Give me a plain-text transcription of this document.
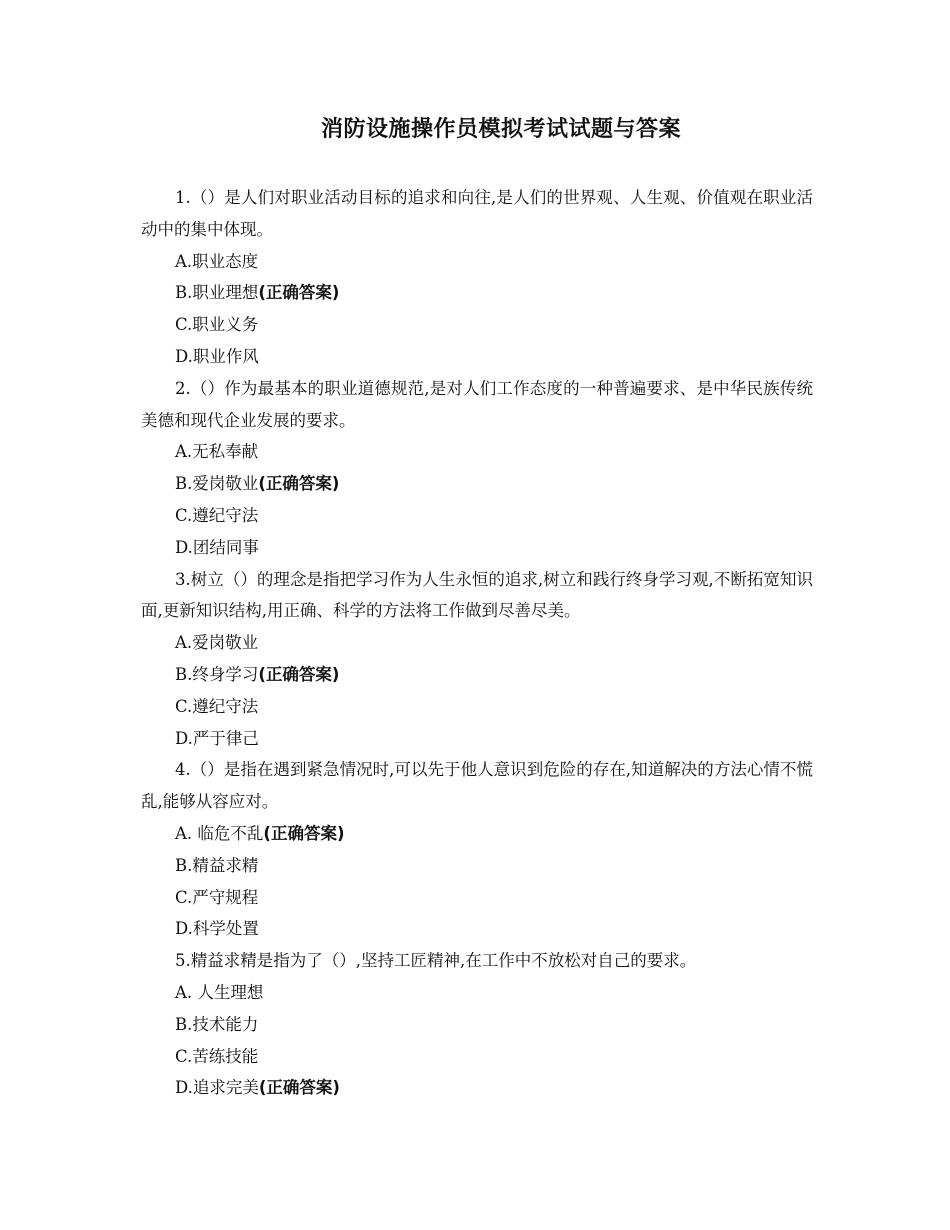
消防设施操作员模拟考试试题与答案

1.（）是人们对职业活动目标的追求和向往,是人们的世界观、人生观、价值观在职业活动中的集中体现。

A.职业态度
B.职业理想(正确答案)
C.职业义务
D.职业作风

2.（）作为最基本的职业道德规范,是对人们工作态度的一种普遍要求、是中华民族传统美德和现代企业发展的要求。

A.无私奉献
B.爱岗敬业(正确答案)
C.遵纪守法
D.团结同事

3.树立（）的理念是指把学习作为人生永恒的追求,树立和践行终身学习观,不断拓宽知识面,更新知识结构,用正确、科学的方法将工作做到尽善尽美。

A.爱岗敬业
B.终身学习(正确答案)
C.遵纪守法
D.严于律己

4.（）是指在遇到紧急情况时,可以先于他人意识到危险的存在,知道解决的方法心情不慌乱,能够从容应对。

A. 临危不乱(正确答案)
B.精益求精
C.严守规程
D.科学处置

5.精益求精是指为了（）,坚持工匠精神,在工作中不放松对自己的要求。

A. 人生理想
B.技术能力
C.苦练技能
D.追求完美(正确答案)
